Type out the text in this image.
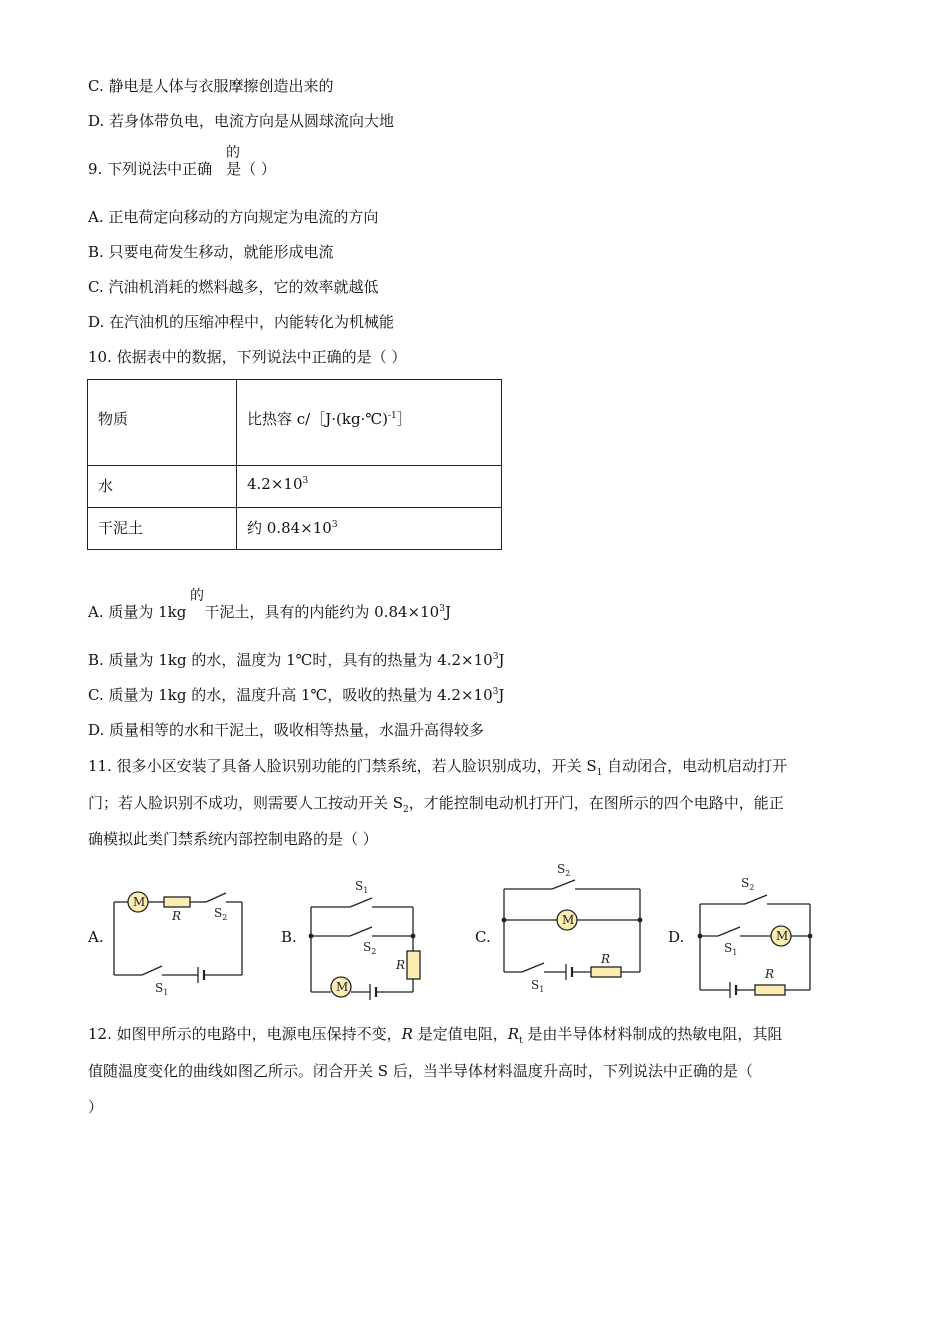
C. 静电是人体与衣服摩擦创造出来的
D. 若身体带负电，电流方向是从圆球流向大地
9. 下列说法中正确 是（ ）
的
A. 正电荷定向移动的方向规定为电流的方向
B. 只要电荷发生移动，就能形成电流
C. 汽油机消耗的燃料越多，它的效率就越低
D. 在汽油机的压缩冲程中，内能转化为机械能
10. 依据表中的数据，下列说法中正确的是（ ）
物质	比热容 c/［J·(kg·℃)$^{-1}$］
水	$4.2\times 10^3$
干泥土	约 $0.84\times 10^3$
A. 质量为 1kg 干泥土，具有的内能约为 $0.84\times 10^3J$
的
B. 质量为 1kg 的水，温度为 1℃时，具有的热量为 $4.2\times 10^3J$
C. 质量为 1kg 的水，温度升高 1℃，吸收的热量为 $4.2\times 10^3J$
D. 质量相等的水和干泥土，吸收相等热量，水温升高得较多
11. 很多小区安装了具备人脸识别功能的门禁系统，若人脸识别成功，开关 $S_1$ 自动闭合，电动机启动打开
门；若人脸识别不成功，则需要人工按动开关 $S_2$，才能控制电动机打开门，在图所示的四个电路中，能正
确模拟此类门禁系统内部控制电路的是（ ）
A.	B.	C.	D.
M
M
M
M
R
R	R
R
$S_2$
$S_1$
$S_1$
$S_2$
$S_2$
$S_1$
$S_2$
$S_1$
12. 如图甲所示的电路中，电源电压保持不变，R 是定值电阻，$R_t$ 是由半导体材料制成的热敏电阻，其阻
值随温度变化的曲线如图乙所示。闭合开关 S 后，当半导体材料温度升高时，下列说法中正确的是（
）
